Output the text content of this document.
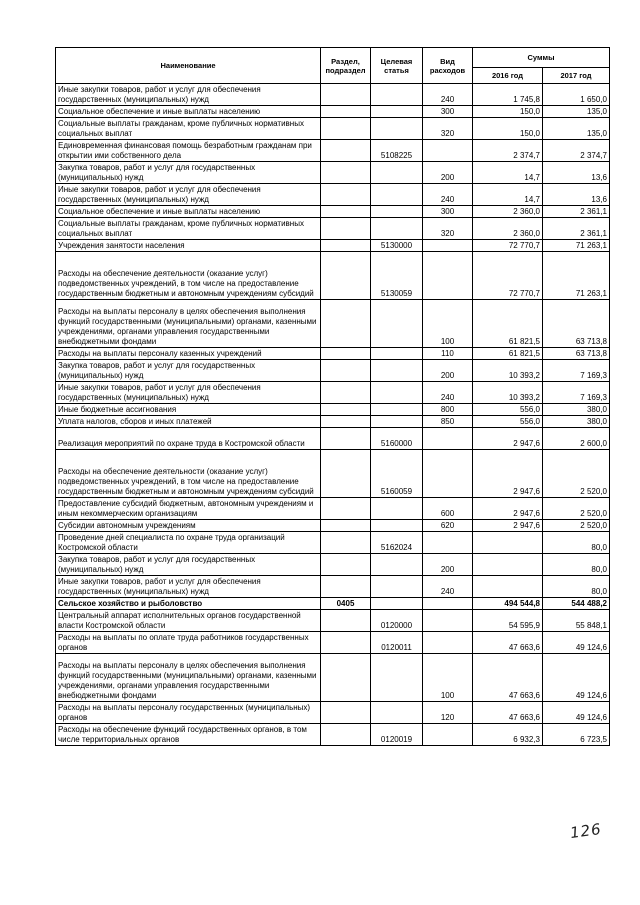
Наименование	Раздел, подраздел	Целевая статья	Вид расходов	Суммы	
				2016 год	2017 год
Иные закупки товаров, работ и услуг для обеспечения государственных (муниципальных) нужд			240	1 745,8	1 650,0
Социальное обеспечение и иные выплаты населению			300	150,0	135,0
Социальные выплаты гражданам, кроме публичных нормативных социальных выплат			320	150,0	135,0
Единовременная финансовая помощь безработным гражданам при открытии ими собственного дела		5108225		2 374,7	2 374,7
Закупка товаров, работ и услуг для государственных (муниципальных) нужд			200	14,7	13,6
Иные закупки товаров, работ и услуг для обеспечения государственных (муниципальных) нужд			240	14,7	13,6
Социальное обеспечение и иные выплаты населению			300	2 360,0	2 361,1
Социальные выплаты гражданам, кроме публичных нормативных социальных выплат			320	2 360,0	2 361,1
Учреждения занятости населения		5130000		72 770,7	71 263,1
Расходы на обеспечение деятельности (оказание услуг) подведомственных учреждений, в том числе на предоставление государственным бюджетным и автономным учреждениям субсидий		5130059		72 770,7	71 263,1
Расходы на выплаты персоналу в целях обеспечения выполнения функций государственными (муниципальными) органами, казенными учреждениями, органами управления государственными внебюджетными фондами			100	61 821,5	63 713,8
Расходы на выплаты персоналу казенных учреждений			110	61 821,5	63 713,8
Закупка товаров, работ и услуг для государственных (муниципальных) нужд			200	10 393,2	7 169,3
Иные закупки товаров, работ и услуг для обеспечения государственных (муниципальных) нужд			240	10 393,2	7 169,3
Иные бюджетные ассигнования			800	556,0	380,0
Уплата налогов, сборов и иных платежей			850	556,0	380,0
Реализация мероприятий по охране труда в Костромской области		5160000		2 947,6	2 600,0
Расходы на обеспечение деятельности (оказание услуг) подведомственных учреждений, в том числе на предоставление государственным бюджетным и автономным учреждениям субсидий		5160059		2 947,6	2 520,0
Предоставление субсидий бюджетным, автономным учреждениям и иным некоммерческим организациям			600	2 947,6	2 520,0
Субсидии автономным учреждениям			620	2 947,6	2 520,0
Проведение дней специалиста по охране труда организаций Костромской области		5162024			80,0
Закупка товаров, работ и услуг для государственных (муниципальных) нужд			200		80,0
Иные закупки товаров, работ и услуг для обеспечения государственных (муниципальных) нужд			240		80,0
Сельское хозяйство и рыболовство	0405			494 544,8	544 488,2
Центральный аппарат исполнительных органов государственной власти Костромской области		0120000		54 595,9	55 848,1
Расходы на выплаты по оплате труда работников государственных органов		0120011		47 663,6	49 124,6
Расходы на выплаты персоналу в целях обеспечения выполнения функций государственными (муниципальными) органами, казенными учреждениями, органами управления государственными внебюджетными фондами			100	47 663,6	49 124,6
Расходы на выплаты персоналу государственных (муниципальных) органов			120	47 663,6	49 124,6
Расходы на обеспечение функций государственных органов, в том числе территориальных органов		0120019		6 932,3	6 723,5
126
